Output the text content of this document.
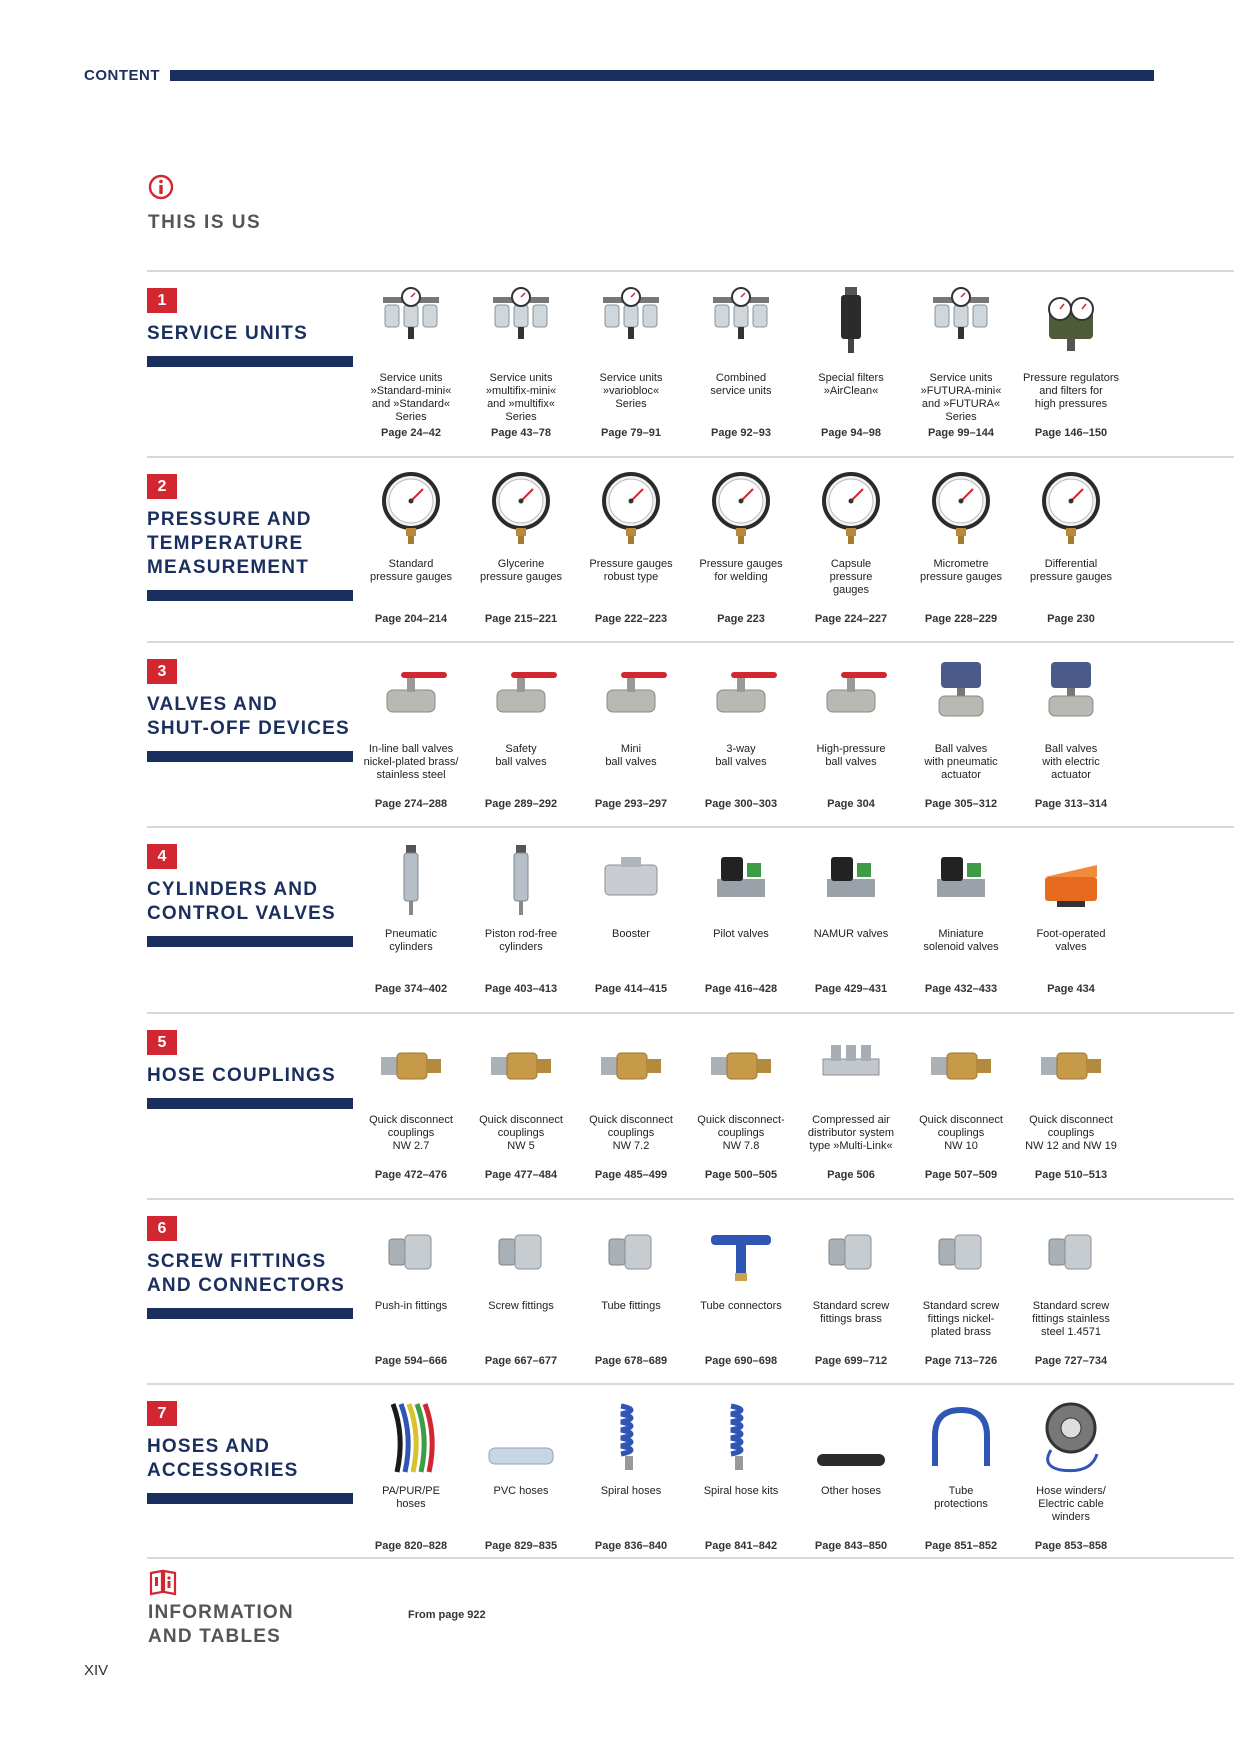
CONTENT
THIS IS US
1
SERVICE UNITS
Service units
»Standard-mini«
and »Standard«
Series
Page 24–42
Service units
»multifix-mini«
and »multifix«
Series
Page 43–78
Service units
»variobloc«
Series
Page 79–91
Combined
service units
Page 92–93
Special filters
»AirClean«
Page 94–98
Service units
»FUTURA-mini«
and »FUTURA«
Series
Page 99–144
Pressure regulators
and filters for
high pressures
Page 146–150
2
PRESSURE AND
TEMPERATURE
MEASUREMENT	Standard
pressure gauges
Page 204–214
Glycerine
pressure gauges
Page 215–221
Pressure gauges
robust type
Page 222–223
Pressure gauges
for welding
Page 223
Capsule
pressure
gauges
Page 224–227
Micrometre
pressure gauges
Page 228–229
Differential
pressure gauges
Page 230
3
VALVES AND
SHUT-OFF DEVICES
In-line ball valves
nickel-plated brass/
stainless steel
Page 274–288
Safety
ball valves
Page 289–292
Mini
ball valves
Page 293–297
3-way
ball valves
Page 300–303
High-pressure
ball valves
Page 304
Ball valves
with pneumatic
actuator
Page 305–312
Ball valves
with electric
actuator
Page 313–314
4
CYLINDERS AND
CONTROL VALVES
Pneumatic
cylinders
Page 374–402
Piston rod-free
cylinders
Page 403–413
Booster
Page 414–415
Pilot valves
Page 416–428
NAMUR valves
Page 429–431
Miniature
solenoid valves
Page 432–433
Foot-operated
valves
Page 434
5
HOSE COUPLINGS
Quick disconnect
couplings
NW 2.7
Page 472–476
Quick disconnect
couplings
NW 5
Page 477–484
Quick disconnect
couplings
NW 7.2
Page 485–499
Quick disconnect-
couplings
NW 7.8
Page 500–505
Compressed air
distributor system
type »Multi-Link«
Page 506
Quick disconnect
couplings
NW 10
Page 507–509
Quick disconnect
couplings
NW 12 and NW 19
Page 510–513
6
SCREW FITTINGS
AND CONNECTORS
Push-in fittings
Page 594–666
Screw fittings
Page 667–677
Tube fittings
Page 678–689
Tube connectors
Page 690–698
Standard screw
fittings brass
Page 699–712
Standard screw
fittings nickel-
plated brass
Page 713–726
Standard screw
fittings stainless
steel 1.4571
Page 727–734
7
HOSES AND
ACCESSORIES
PA/PUR/PE
hoses
Page 820–828
PVC hoses
Page 829–835
Spiral hoses
Page 836–840
Spiral hose kits
Page 841–842
Other hoses
Page 843–850
Tube
protections
Page 851–852
Hose winders/
Electric cable
winders
Page 853–858
INFORMATION
AND TABLES
From page 922
XIV
